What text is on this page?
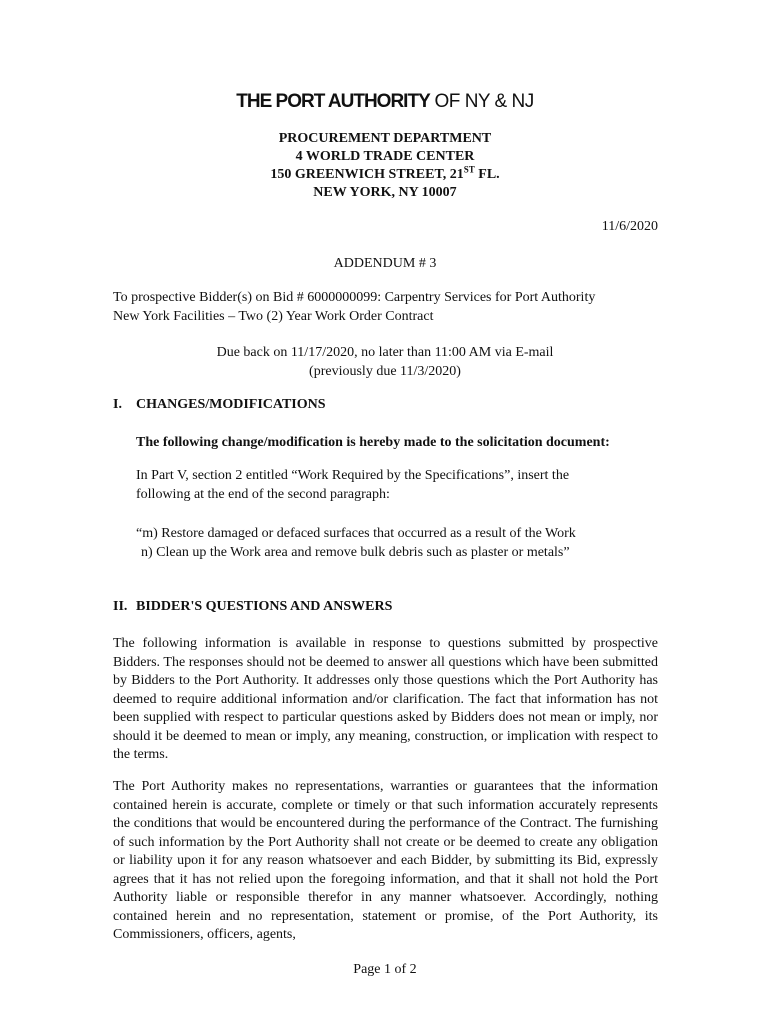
THE PORT AUTHORITY OF NY & NJ
PROCUREMENT DEPARTMENT
4 WORLD TRADE CENTER
150 GREENWICH STREET, 21ST FL.
NEW YORK, NY 10007
11/6/2020
ADDENDUM # 3
To prospective Bidder(s) on Bid # 6000000099: Carpentry Services for Port Authority
New York Facilities – Two (2) Year Work Order Contract
Due back on 11/17/2020, no later than 11:00 AM via E-mail
(previously due 11/3/2020)
I. CHANGES/MODIFICATIONS
The following change/modification is hereby made to the solicitation document:
In Part V, section 2 entitled “Work Required by the Specifications”, insert the
following at the end of the second paragraph:
“m) Restore damaged or defaced surfaces that occurred as a result of the Work
n) Clean up the Work area and remove bulk debris such as plaster or metals”
II. BIDDER'S QUESTIONS AND ANSWERS
The following information is available in response to questions submitted by prospective Bidders. The responses should not be deemed to answer all questions which have been submitted by Bidders to the Port Authority. It addresses only those questions which the Port Authority has deemed to require additional information and/or clarification. The fact that information has not been supplied with respect to particular questions asked by Bidders does not mean or imply, nor should it be deemed to mean or imply, any meaning, construction, or implication with respect to the terms.
The Port Authority makes no representations, warranties or guarantees that the information contained herein is accurate, complete or timely or that such information accurately represents the conditions that would be encountered during the performance of the Contract. The furnishing of such information by the Port Authority shall not create or be deemed to create any obligation or liability upon it for any reason whatsoever and each Bidder, by submitting its Bid, expressly agrees that it has not relied upon the foregoing information, and that it shall not hold the Port Authority liable or responsible therefor in any manner whatsoever. Accordingly, nothing contained herein and no representation, statement or promise, of the Port Authority, its Commissioners, officers, agents,
Page 1 of 2
